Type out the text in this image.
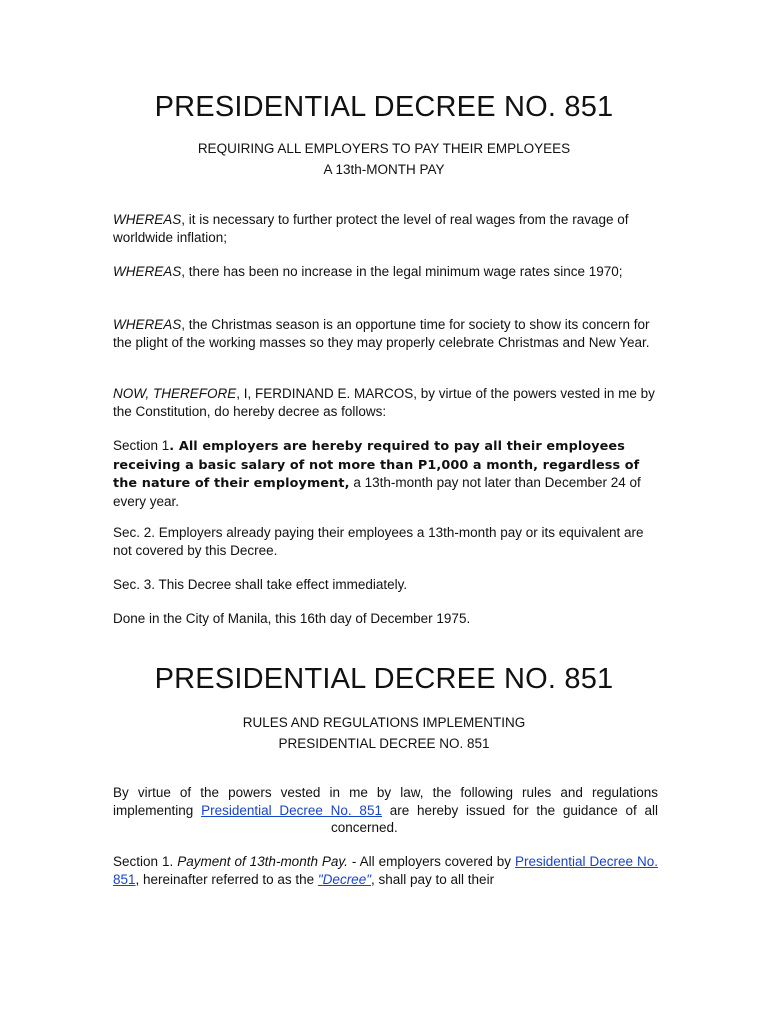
PRESIDENTIAL DECREE NO. 851
REQUIRING ALL EMPLOYERS TO PAY THEIR EMPLOYEES
A 13th-MONTH PAY

WHEREAS, it is necessary to further protect the level of real wages from the ravage of worldwide inflation;

WHEREAS, there has been no increase in the legal minimum wage rates since 1970;

WHEREAS, the Christmas season is an opportune time for society to show its concern for the plight of the working masses so they may properly celebrate Christmas and New Year.

NOW, THEREFORE, I, FERDINAND E. MARCOS, by virtue of the powers vested in me by the Constitution, do hereby decree as follows:

Section 1. All employers are hereby required to pay all their employees receiving a basic salary of not more than P1,000 a month, regardless of the nature of their employment, a 13th-month pay not later than December 24 of every year.

Sec. 2. Employers already paying their employees a 13th-month pay or its equivalent are not covered by this Decree.

Sec. 3. This Decree shall take effect immediately.

Done in the City of Manila, this 16th day of December 1975.

PRESIDENTIAL DECREE NO. 851
RULES AND REGULATIONS IMPLEMENTING
PRESIDENTIAL DECREE NO. 851

By virtue of the powers vested in me by law, the following rules and regulations implementing Presidential Decree No. 851 are hereby issued for the guidance of allconcerned.

Section 1. Payment of 13th-month Pay. - All employers covered by Presidential Decree No. 851, hereinafter referred to as the "Decree", shall pay to all their
